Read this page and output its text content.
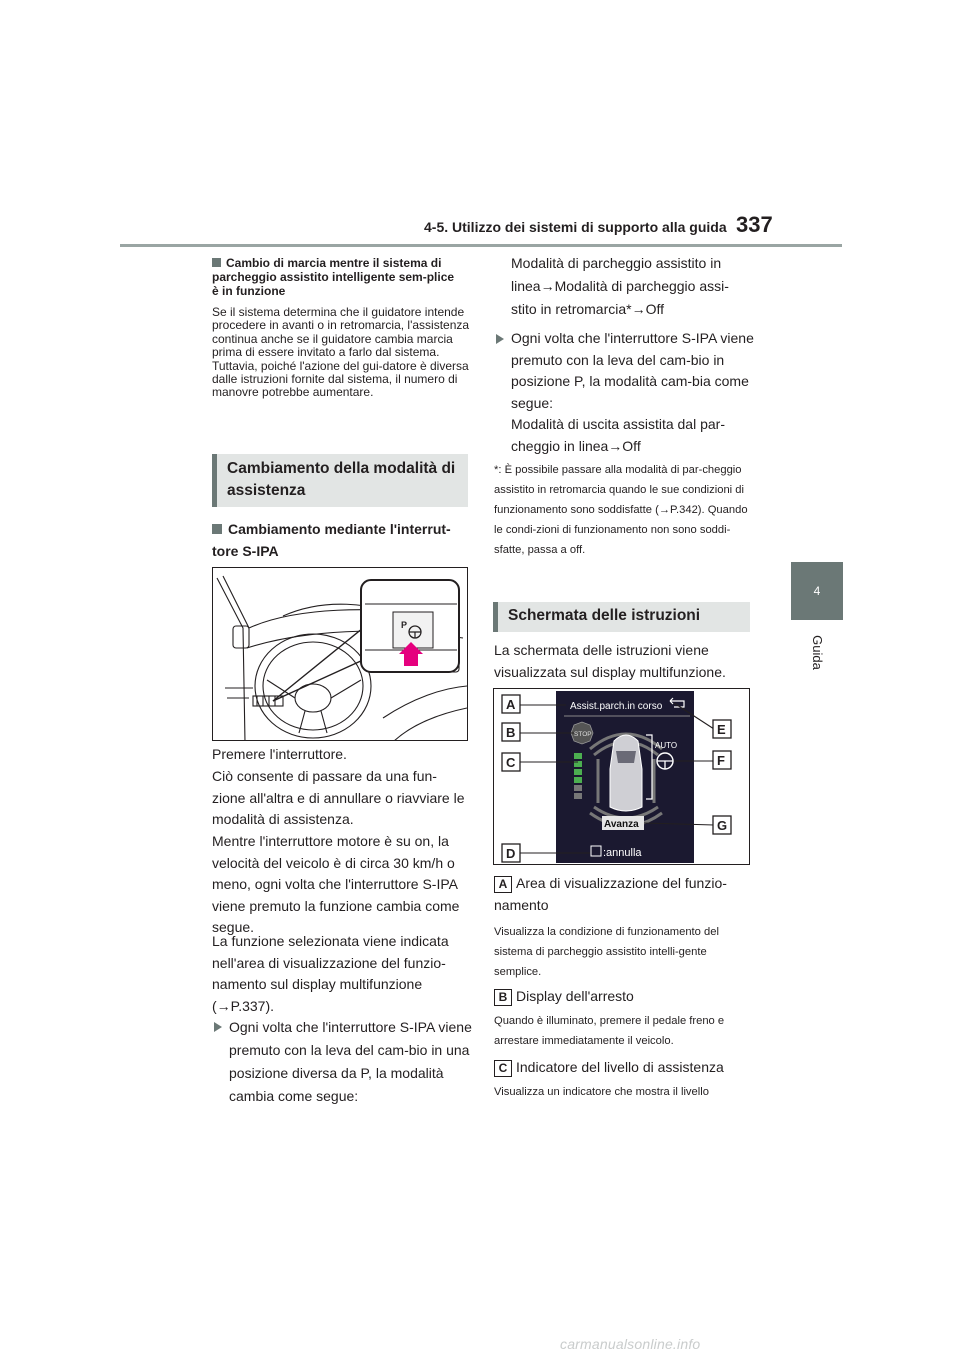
4-5. Utilizzo dei sistemi di supporto alla guida 337
4
Guida
Cambio di marcia mentre il sistema di parcheggio assistito intelligente sem-plice è in funzione
Se il sistema determina che il guidatore intende procedere in avanti o in retromarcia, l'assistenza continua anche se il guidatore cambia marcia prima di essere invitato a farlo dal sistema. Tuttavia, poiché l'azione del gui-datore è diversa dalle istruzioni fornite dal sistema, il numero di manovre potrebbe aumentare.
Cambiamento della modalità di assistenza
Cambiamento mediante l'interrut-tore S-IPA
P
Premere l'interruttore.
Ciò consente di passare da una fun-zione all'altra e di annullare o riavviare le modalità di assistenza.
Mentre l'interruttore motore è su on, la velocità del veicolo è di circa 30 km/h o meno, ogni volta che l'interruttore S-IPA viene premuto la funzione cambia come segue.
La funzione selezionata viene indicata nell'area di visualizzazione del funzio-namento sul display multifunzione (→P.337).
Ogni volta che l'interruttore S-IPA viene premuto con la leva del cam-bio in una posizione diversa da P, la modalità cambia come segue:
Modalità di parcheggio assistito in linea→Modalità di parcheggio assi-stito in retromarcia*→Off
Ogni volta che l'interruttore S-IPA viene premuto con la leva del cam-bio in posizione P, la modalità cam-bia come segue:
Modalità di uscita assistita dal par-cheggio in linea→Off
*: È possibile passare alla modalità di par-cheggio assistito in retromarcia quando le sue condizioni di funzionamento sono soddisfatte (→P.342). Quando le condi-zioni di funzionamento non sono soddi-sfatte, passa a off.
Schermata delle istruzioni
La schermata delle istruzioni viene visualizzata sul display multifunzione.
Assist.parch.in corso
STOP
AUTO
Avanza
:annulla
A
B
C
D
E
F
G
A Area di visualizzazione del funzio-namento
Visualizza la condizione di funzionamento del sistema di parcheggio assistito intelli-gente semplice.
B Display dell'arresto
Quando è illuminato, premere il pedale freno e arrestare immediatamente il veicolo.
C Indicatore del livello di assistenza
Visualizza un indicatore che mostra il livello
carmanualsonline.info
